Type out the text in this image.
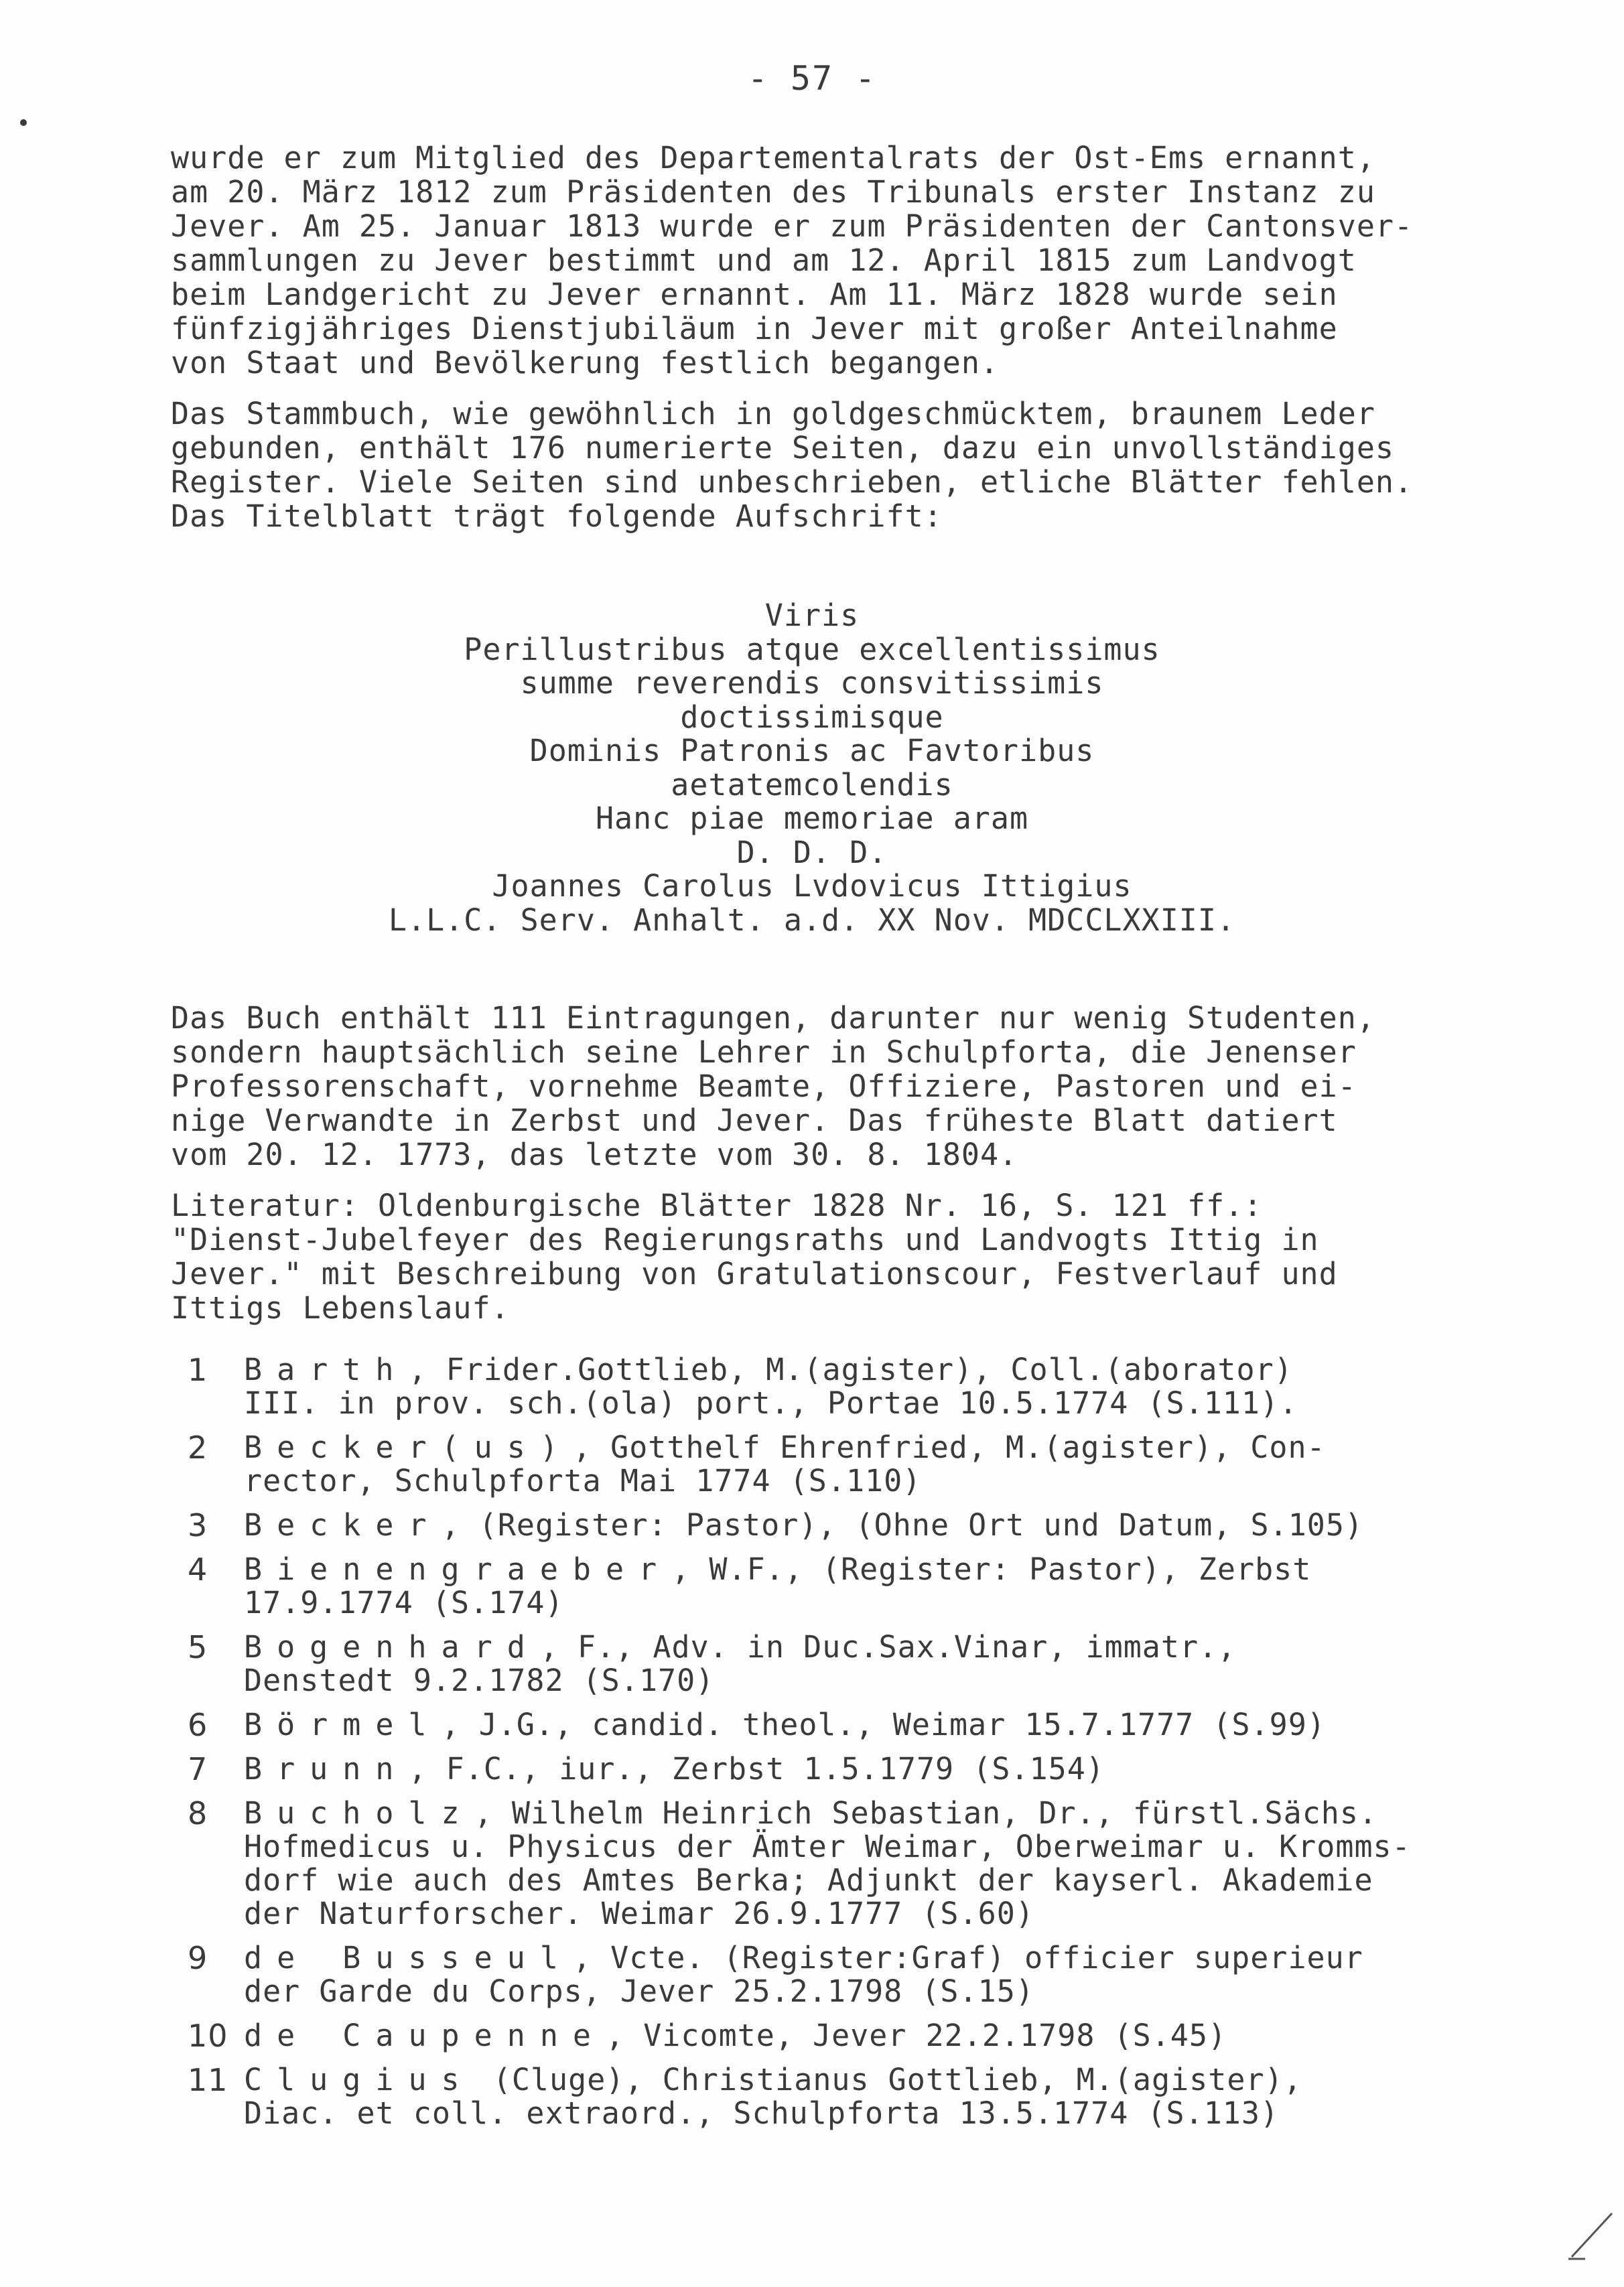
- 57 -
wurde er zum Mitglied des Departementalrats der Ost-Ems ernannt,
am 20. März 1812 zum Präsidenten des Tribunals erster Instanz zu
Jever. Am 25. Januar 1813 wurde er zum Präsidenten der Cantonsver-
sammlungen zu Jever bestimmt und am 12. April 1815 zum Landvogt
beim Landgericht zu Jever ernannt. Am 11. März 1828 wurde sein
fünfzigjähriges Dienstjubiläum in Jever mit großer Anteilnahme
von Staat und Bevölkerung festlich begangen.
Das Stammbuch, wie gewöhnlich in goldgeschmücktem, braunem Leder
gebunden, enthält 176 numerierte Seiten, dazu ein unvollständiges
Register. Viele Seiten sind unbeschrieben, etliche Blätter fehlen.
Das Titelblatt trägt folgende Aufschrift:
Viris
Perillustribus atque excellentissimus
summe reverendis consvitissimis
doctissimisque
Dominis Patronis ac Favtoribus
aetatemcolendis
Hanc piae memoriae aram
D. D. D.
Joannes Carolus Lvdovicus Ittigius
L.L.C. Serv. Anhalt. a.d. XX Nov. MDCCLXXIII.
Das Buch enthält 111 Eintragungen, darunter nur wenig Studenten,
sondern hauptsächlich seine Lehrer in Schulpforta, die Jenenser
Professorenschaft, vornehme Beamte, Offiziere, Pastoren und ei-
nige Verwandte in Zerbst und Jever. Das früheste Blatt datiert
vom 20. 12. 1773, das letzte vom 30. 8. 1804.
Literatur: Oldenburgische Blätter 1828 Nr. 16, S. 121 ff.:
"Dienst-Jubelfeyer des Regierungsraths und Landvogts Ittig in
Jever." mit Beschreibung von Gratulationscour, Festverlauf und
Ittigs Lebenslauf.
1	Barth, Frider.Gottlieb, M.(agister), Coll.(aborator)
III. in prov. sch.(ola) port., Portae 10.5.1774 (S.111).
2	Becker(us), Gotthelf Ehrenfried, M.(agister), Con-
rector, Schulpforta Mai 1774 (S.110)
3	Becker, (Register: Pastor), (Ohne Ort und Datum, S.105)
4	Bienengraeber, W.F., (Register: Pastor), Zerbst
17.9.1774 (S.174)
5	Bogenhard, F., Adv. in Duc.Sax.Vinar, immatr.,
Denstedt 9.2.1782 (S.170)
6	Börmel, J.G., candid. theol., Weimar 15.7.1777 (S.99)
7	Brunn, F.C., iur., Zerbst 1.5.1779 (S.154)
8	Bucholz, Wilhelm Heinrich Sebastian, Dr., fürstl.Sächs.
Hofmedicus u. Physicus der Ämter Weimar, Oberweimar u. Kromms-
dorf wie auch des Amtes Berka; Adjunkt der kayserl. Akademie
der Naturforscher. Weimar 26.9.1777 (S.60)
9	de Busseul, Vcte. (Register:Graf) officier superieur
der Garde du Corps, Jever 25.2.1798 (S.15)
10 de Caupenne, Vicomte, Jever 22.2.1798 (S.45)
11 Clugius (Cluge), Christianus Gottlieb, M.(agister),
Diac. et coll. extraord., Schulpforta 13.5.1774 (S.113)
